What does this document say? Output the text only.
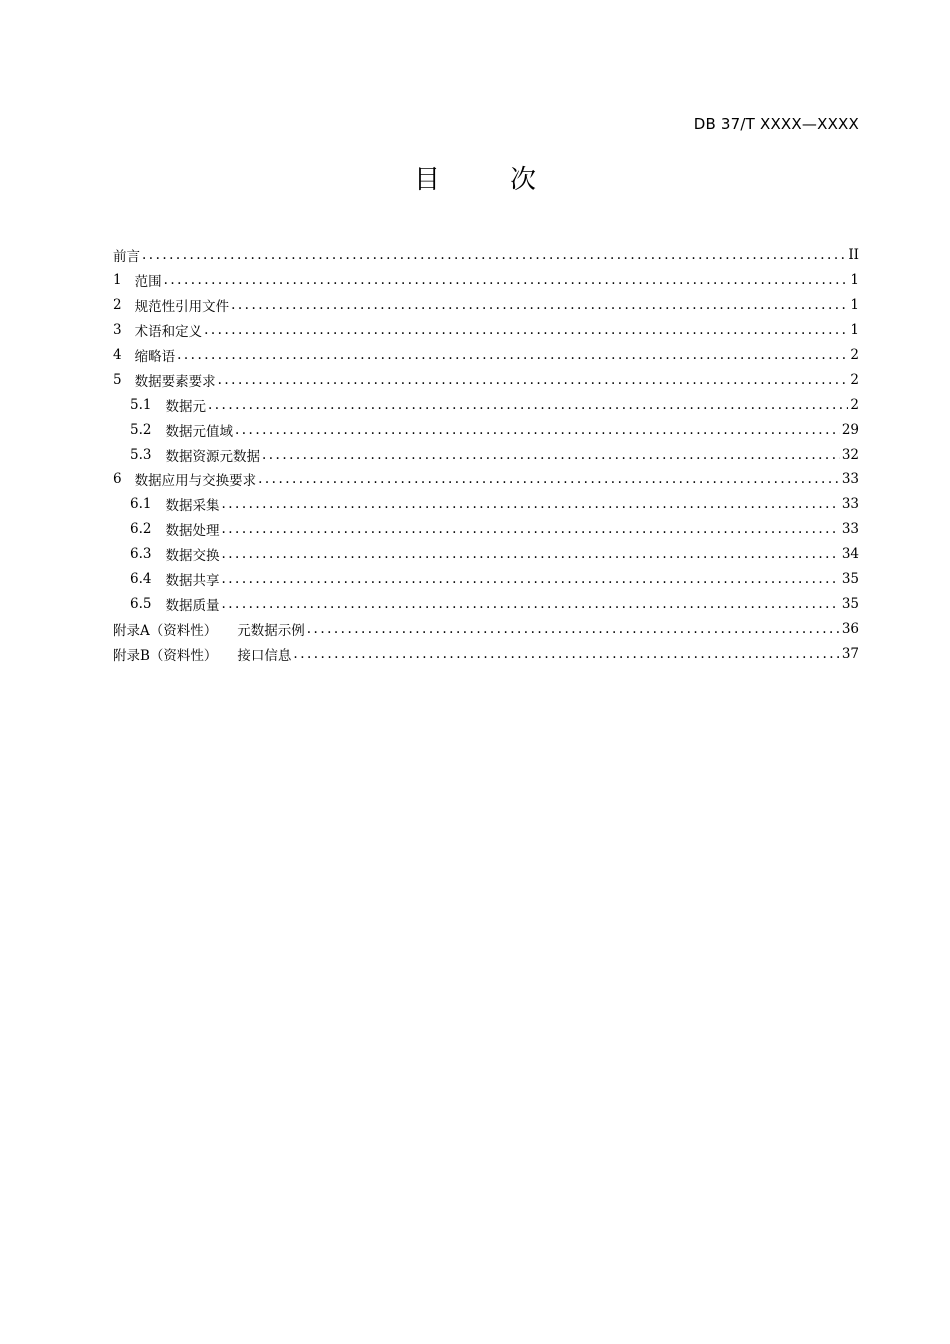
DB 37/T XXXX—XXXX
目　次
前言 . . .	II
1 范围 . . .	1
2 规范性引用文件 . . .	1
3 术语和定义 . . .	1
4 缩略语 . . .	2
5 数据要素要求 . . .	2
5.1 数据元 . . .	2
5.2 数据元值域 . . .	29
5.3 数据资源元数据 . . .	32
6 数据应用与交换要求 . . .	33
6.1 数据采集 . . .	33
6.2 数据处理 . . .	33
6.3 数据交换 . . .	34
6.4 数据共享 . . .	35
6.5 数据质量 . . .	35
附录A（资料性） 元数据示例 . . .	36
附录B（资料性） 接口信息 . . .	37
